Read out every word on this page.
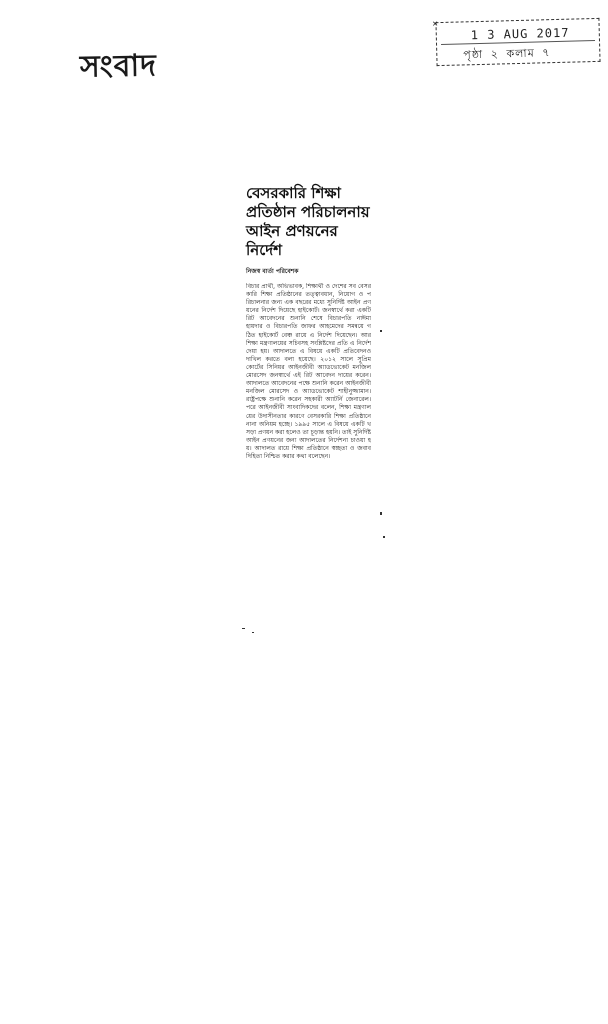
সংবাদ
✕
1 3 AUG 2017
পৃষ্ঠা ২ কলাম ৭
বেসরকারি শিক্ষা
প্রতিষ্ঠান পরিচালনায়
আইন প্রণয়নের নির্দেশ
নিজস্ব বার্তা পরিবেশক
বিচার প্রার্থী, অভিভাবক, শিক্ষার্থী ও দেশের সব বেসরকারি শিক্ষা প্রতিষ্ঠানের তত্ত্বাবধান, নিয়োগ ও পরিচালনার জন্য এক বছরের মধ্যে সুনির্দিষ্ট আইন প্রণয়নের নির্দেশ দিয়েছে হাইকোর্ট। জনস্বার্থে করা একটি রিট আবেদনের শুনানি শেষে বিচারপতি নাঈমা হায়দার ও বিচারপতি জাফর আহমেদের সমন্বয়ে গঠিত হাইকোর্ট বেঞ্চ রায়ে এ নির্দেশ দিয়েছেন। আর শিক্ষা মন্ত্রণালয়ের সচিবসহ সংশ্লিষ্টদের প্রতি এ নির্দেশ দেয়া হয়। আদালতে এ বিষয়ে একটি প্রতিবেদনও দাখিল করতে বলা হয়েছে। ২০১২ সালে সুপ্রিম কোর্টের সিনিয়র আইনজীবী অ্যাডভোকেট মনজিল মোরসেদ জনস্বার্থে এই রিট আবেদন দায়ের করেন। আদালতে আবেদনের পক্ষে শুনানি করেন আইনজীবী মনজিল মোরসেদ ও অ্যাডভোকেট শাহীনুজ্জামান। রাষ্ট্রপক্ষে শুনানি করেন সহকারী অ্যাটর্নি জেনারেল। পরে আইনজীবী সাংবাদিকদের বলেন, শিক্ষা মন্ত্রণালয়ের উদাসীনতার কারণে বেসরকারি শিক্ষা প্রতিষ্ঠানে নানা অনিয়ম হচ্ছে। ১৯৯৫ সালে এ বিষয়ে একটি খসড়া প্রণয়ন করা হলেও তা চূড়ান্ত হয়নি। তাই সুনির্দিষ্ট আইন প্রণয়নের জন্য আদালতের নির্দেশনা চাওয়া হয়। আদালত রায়ে শিক্ষা প্রতিষ্ঠানে স্বচ্ছতা ও জবাবদিহিতা নিশ্চিত করার কথা বলেছেন।
